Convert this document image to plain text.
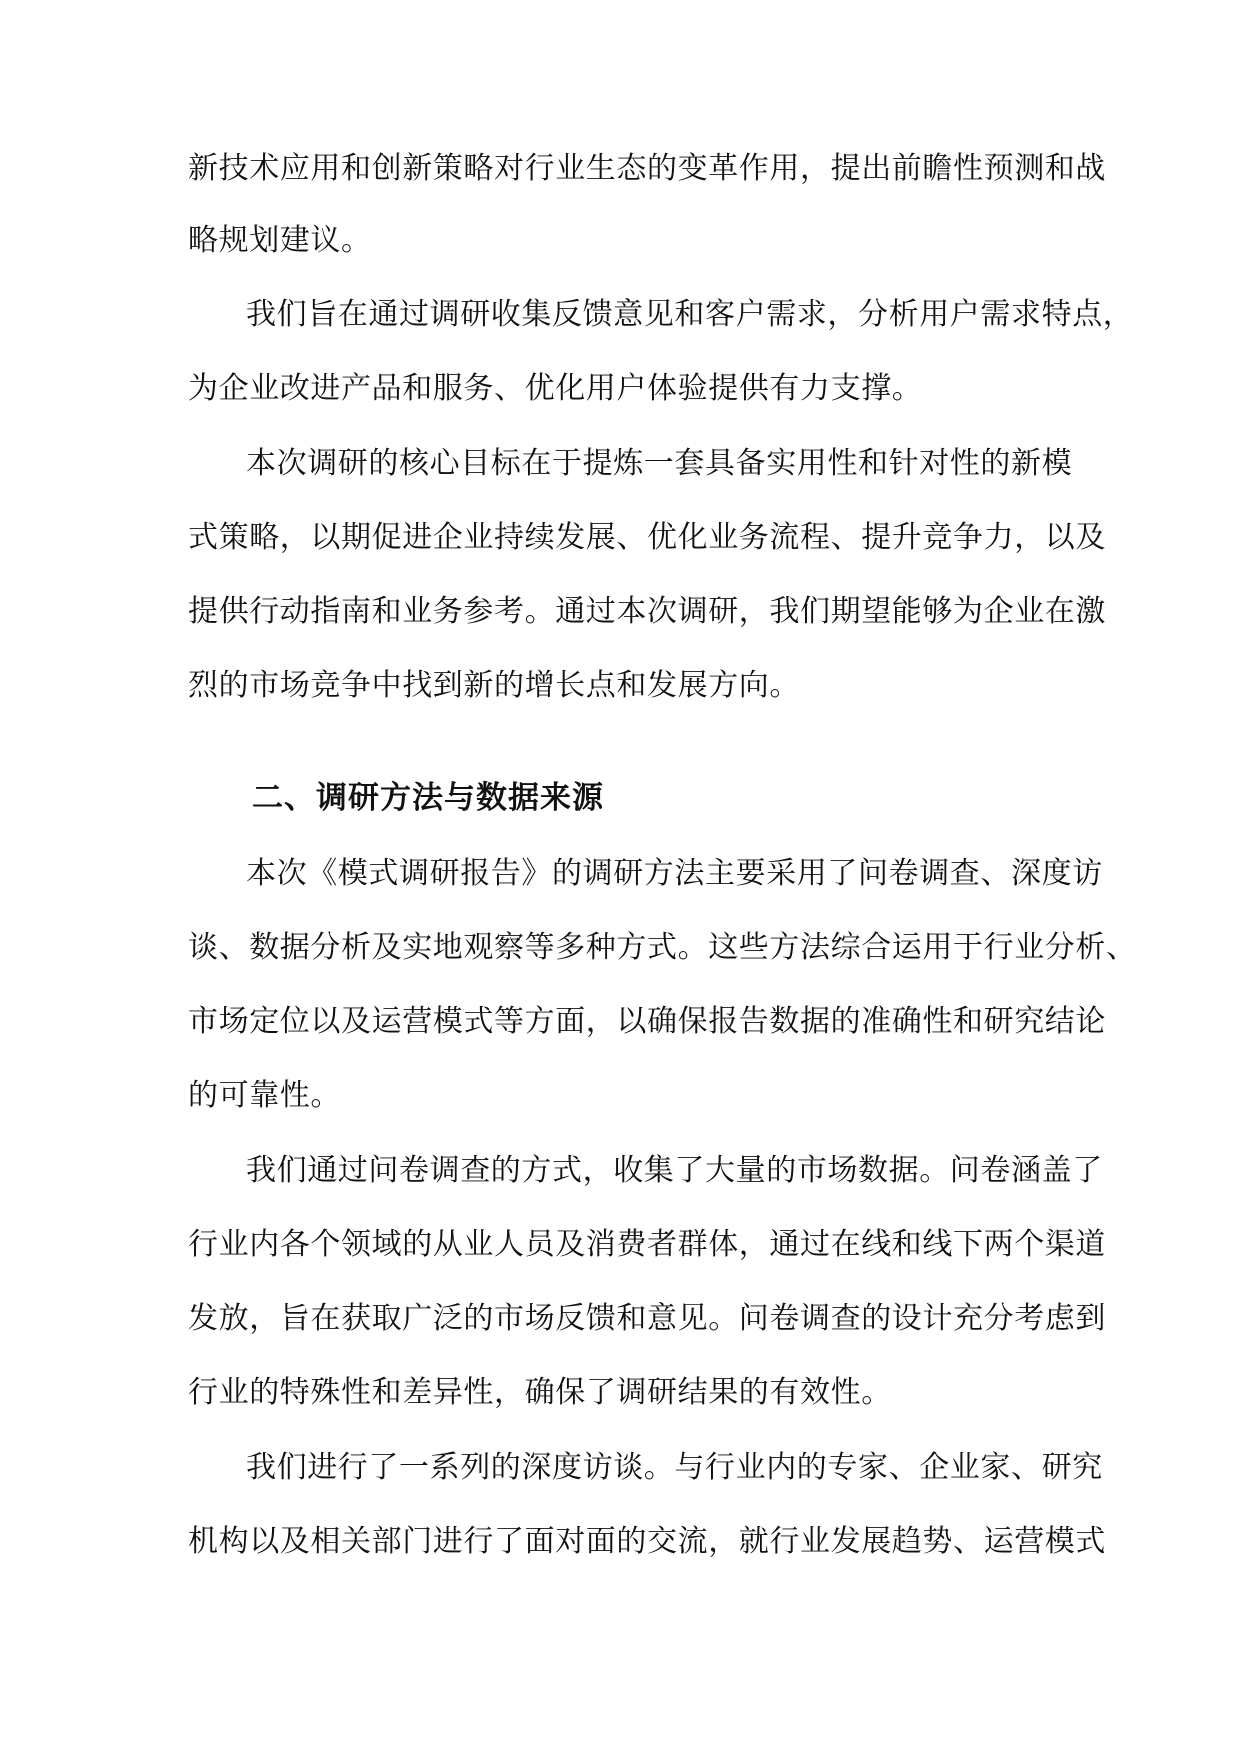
新技术应用和创新策略对行业生态的变革作用，提出前瞻性预测和战
略规划建议。
我们旨在通过调研收集反馈意见和客户需求，分析用户需求特点，
为企业改进产品和服务、优化用户体验提供有力支撑。
本次调研的核心目标在于提炼一套具备实用性和针对性的新模
式策略，以期促进企业持续发展、优化业务流程、提升竞争力，以及
提供行动指南和业务参考。通过本次调研，我们期望能够为企业在激
烈的市场竞争中找到新的增长点和发展方向。
二、调研方法与数据来源
本次《模式调研报告》的调研方法主要采用了问卷调查、深度访
谈、数据分析及实地观察等多种方式。这些方法综合运用于行业分析、
市场定位以及运营模式等方面，以确保报告数据的准确性和研究结论
的可靠性。
我们通过问卷调查的方式，收集了大量的市场数据。问卷涵盖了
行业内各个领域的从业人员及消费者群体，通过在线和线下两个渠道
发放，旨在获取广泛的市场反馈和意见。问卷调查的设计充分考虑到
行业的特殊性和差异性，确保了调研结果的有效性。
我们进行了一系列的深度访谈。与行业内的专家、企业家、研究
机构以及相关部门进行了面对面的交流，就行业发展趋势、运营模式
